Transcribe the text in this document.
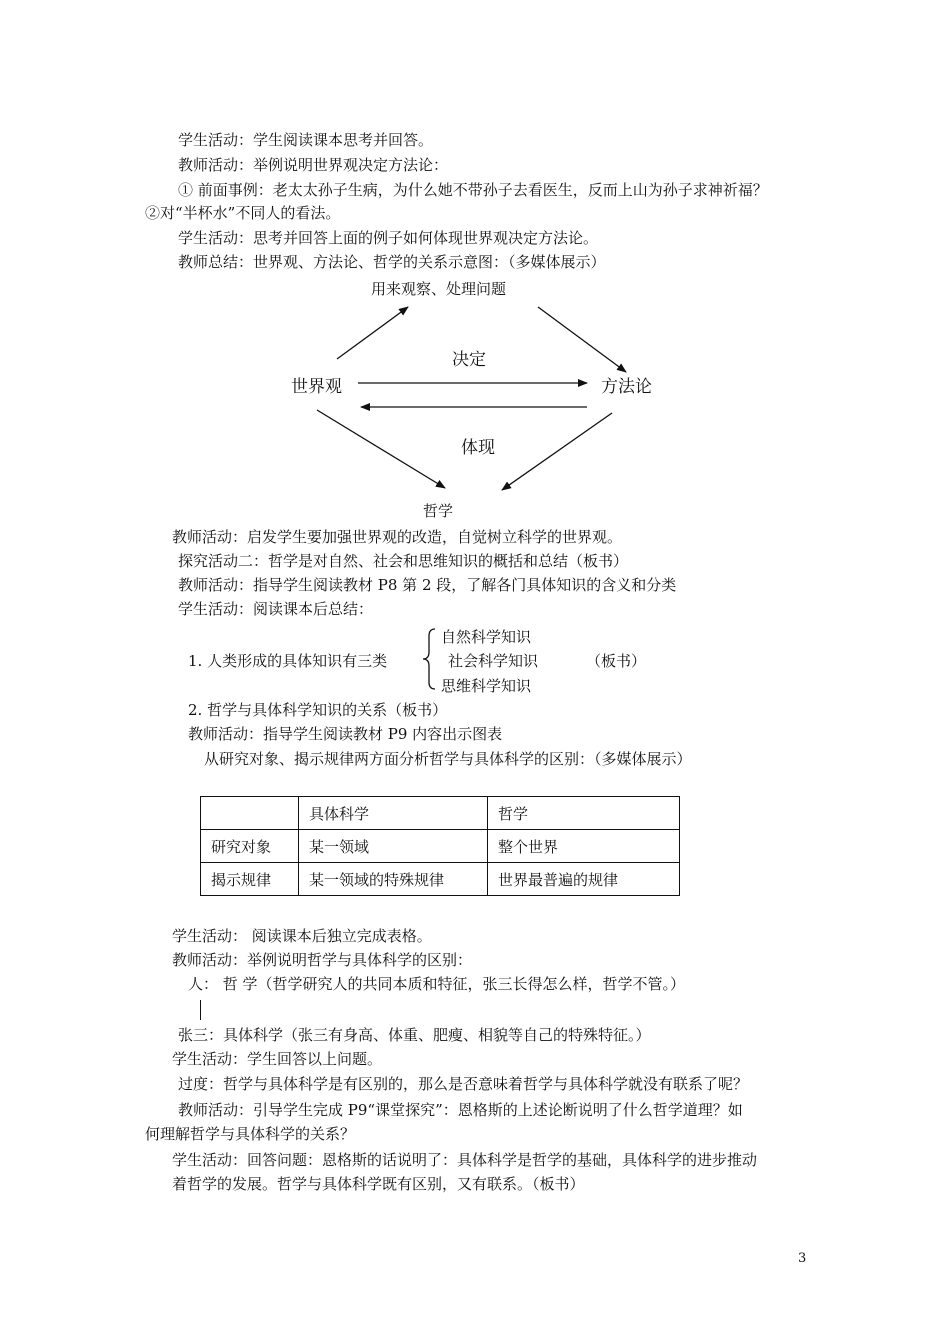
学生活动：学生阅读课本思考并回答。
教师活动：举例说明世界观决定方法论：
① 前面事例：老太太孙子生病，为什么她不带孙子去看医生，反而上山为孙子求神祈福？
②对“半杯水”不同人的看法。
学生活动：思考并回答上面的例子如何体现世界观决定方法论。
教师总结：世界观、方法论、哲学的关系示意图：（多媒体展示）
用来观察、处理问题
世界观	方法论
决定
体现
哲学
教师活动：启发学生要加强世界观的改造，自觉树立科学的世界观。
探究活动二：哲学是对自然、社会和思维知识的概括和总结（板书）
教师活动：指导学生阅读教材 P8 第 2 段，了解各门具体知识的含义和分类
学生活动：阅读课本后总结：
1. 人类形成的具体知识有三类
自然科学知识
社会科学知识
思维科学知识
（板书）
2. 哲学与具体科学知识的关系（板书）
教师活动：指导学生阅读教材 P9 内容出示图表
从研究对象、揭示规律两方面分析哲学与具体科学的区别：（多媒体展示）
	具体科学	哲学
研究对象	某一领域	整个世界
揭示规律	某一领域的特殊规律	世界最普遍的规律
学生活动： 阅读课本后独立完成表格。
教师活动：举例说明哲学与具体科学的区别：
人： 哲 学（哲学研究人的共同本质和特征，张三长得怎么样，哲学不管。）
张三：具体科学（张三有身高、体重、肥瘦、相貌等自己的特殊特征。）
学生活动：学生回答以上问题。
过度：哲学与具体科学是有区别的，那么是否意味着哲学与具体科学就没有联系了呢？
教师活动：引导学生完成 P9“课堂探究”：恩格斯的上述论断说明了什么哲学道理？如
何理解哲学与具体科学的关系？
学生活动：回答问题：恩格斯的话说明了：具体科学是哲学的基础，具体科学的进步推动
着哲学的发展。哲学与具体科学既有区别，又有联系。（板书）
3
